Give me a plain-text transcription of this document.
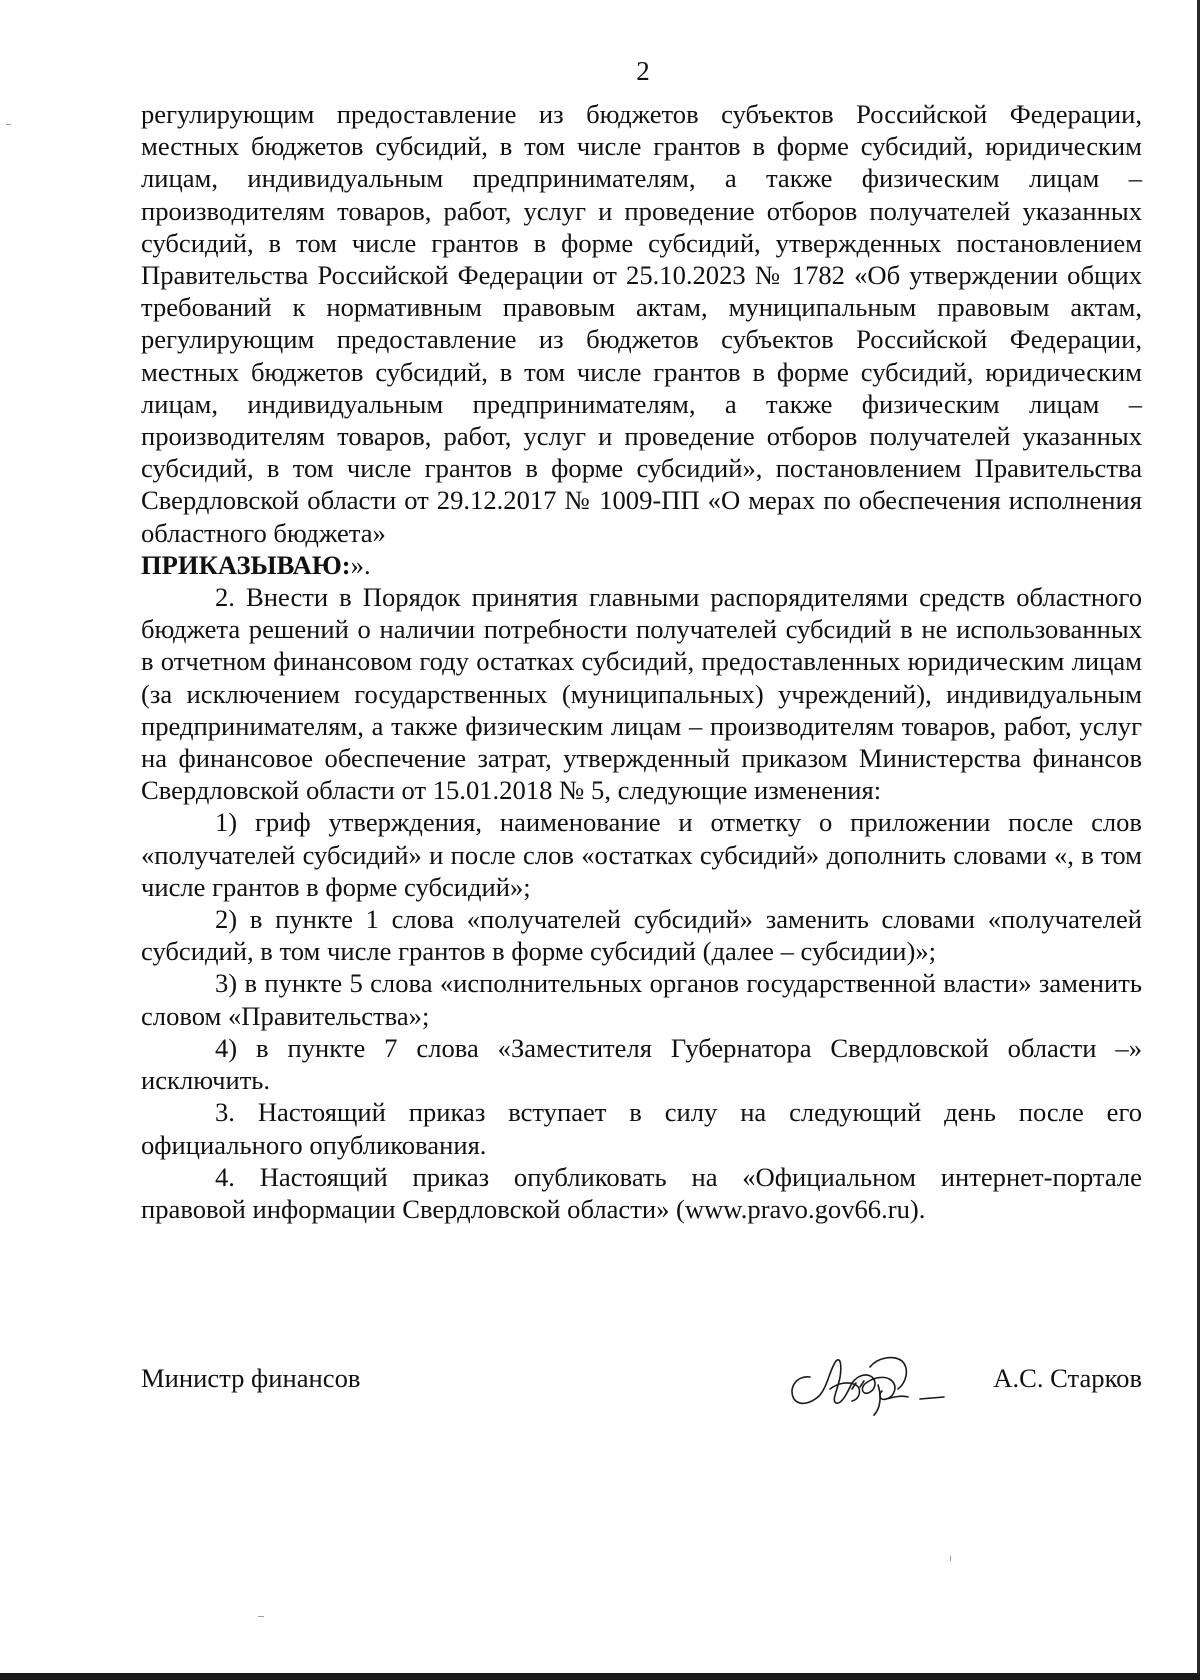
2

регулирующим предоставление из бюджетов субъектов Российской Федерации, местных бюджетов субсидий, в том числе грантов в форме субсидий, юридическим лицам, индивидуальным предпринимателям, а также физическим лицам – производителям товаров, работ, услуг и проведение отборов получателей указанных субсидий, в том числе грантов в форме субсидий, утвержденных постановлением Правительства Российской Федерации от 25.10.2023 № 1782 «Об утверждении общих требований к нормативным правовым актам, муниципальным правовым актам, регулирующим предоставление из бюджетов субъектов Российской Федерации, местных бюджетов субсидий, в том числе грантов в форме субсидий, юридическим лицам, индивидуальным предпринимателям, а также физическим лицам – производителям товаров, работ, услуг и проведение отборов получателей указанных субсидий, в том числе грантов в форме субсидий», постановлением Правительства Свердловской области от 29.12.2017 № 1009-ПП «О мерах по обеспечения исполнения областного бюджета»

ПРИКАЗЫВАЮ:».

2. Внести в Порядок принятия главными распорядителями средств областного бюджета решений о наличии потребности получателей субсидий в не использованных в отчетном финансовом году остатках субсидий, предоставленных юридическим лицам (за исключением государственных (муниципальных) учреждений), индивидуальным предпринимателям, а также физическим лицам – производителям товаров, работ, услуг на финансовое обеспечение затрат, утвержденный приказом Министерства финансов Свердловской области от 15.01.2018 № 5, следующие изменения:

1) гриф утверждения, наименование и отметку о приложении после слов «получателей субсидий» и после слов «остатках субсидий» дополнить словами «, в том числе грантов в форме субсидий»;

2) в пункте 1 слова «получателей субсидий» заменить словами «получателей субсидий, в том числе грантов в форме субсидий (далее – субсидии)»;

3) в пункте 5 слова «исполнительных органов государственной власти» заменить словом «Правительства»;

4) в пункте 7 слова «Заместителя Губернатора Свердловской области –» исключить.

3. Настоящий приказ вступает в силу на следующий день после его официального опубликования.

4. Настоящий приказ опубликовать на «Официальном интернет-портале правовой информации Свердловской области» (www.pravo.gov66.ru).

Министр финансов	А.С. Старков
